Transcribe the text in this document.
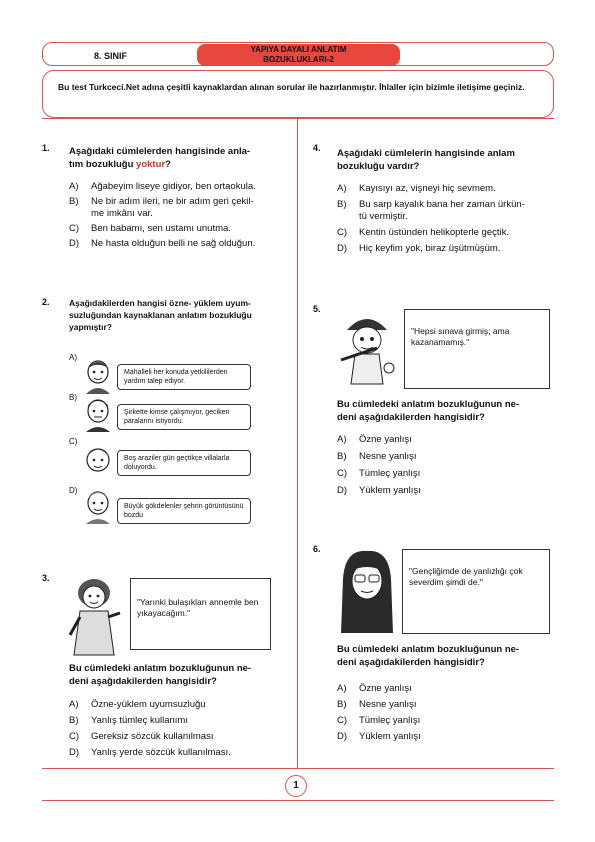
8. SINIF
YAPIYA DAYALI ANLATIM
BOZUKLUKLARI-2
Bu test Turkceci.Net adına çeşitli kaynaklardan alınan sorular ile hazırlanmıştır. İhlaller için bizimle iletişime geçiniz.
1. Aşağıdaki cümlelerden hangisinde anla-
tım bozukluğu yoktur?
A) Ağabeyim liseye gidiyor, ben ortaokula.
B) Ne bir adım ileri, ne bir adım geri çekil-
me imkânı var.
C) Ben babamı, sen ustamı unutma.
D) Ne hasta olduğun belli ne sağ olduğun.
2. Aşağıdakilerden hangisi özne- yüklem uyum-
suzluğundan kaynaklanan anlatım bozukluğu
yapmıştır?
A)
Mahalleli her konuda yetkililerden yardım talep ediyor.
B)
Şirkette kimse çalışmıyor, geciken paralarını istiyordu.
C)
Boş araziler gün geçtikçe villalarla doluyordu.
D)
Büyük gökdelenler şehrin görüntüsünü bozdu
3.
"Yarınki bulaşıkları annemle ben yıkayacağım."
Bu cümledeki anlatım bozukluğunun ne-
deni aşağıdakilerden hangisidir?
A) Özne-yüklem uyumsuzluğu
B) Yanlış tümleç kullanımı
C) Gereksiz sözcük kullanılması
D) Yanlış yerde sözcük kullanılması.
4. Aşağıdaki cümlelerin hangisinde anlam
bozukluğu vardır?
A) Kayısıyı az, vişneyi hiç sevmem.
B) Bu sarp kayalık bana her zaman ürkün-
tü vermiştir.
C) Kentin üstünden helikopterle geçtik.
D) Hiç keyfim yok, biraz üşütmüşüm.
5.
"Hepsi sınava girmiş; ama kazanamamış."
Bu cümledeki anlatım bozukluğunun ne-
deni aşağıdakilerden hangisidir?
A) Özne yanlışı
B) Nesne yanlışı
C) Tümleç yanlışı
D) Yüklem yanlışı
6.
"Gençliğimde de yanlızlığı çok severdim şimdi de."
Bu cümledeki anlatım bozukluğunun ne-
deni aşağıdakilerden hangisidir?
A) Özne yanlışı
B) Nesne yanlışı
C) Tümleç yanlışı
D) Yüklem yanlışı
1
